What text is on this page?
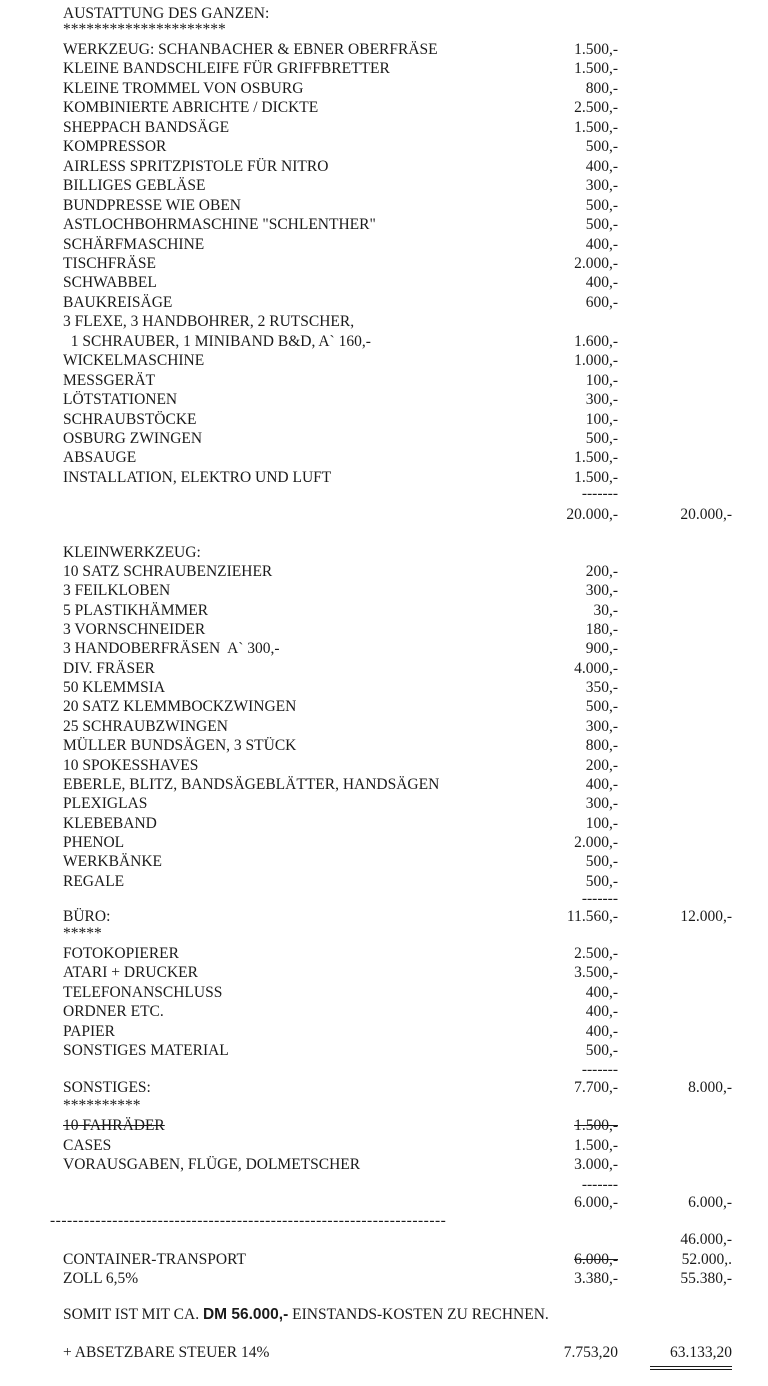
AUSTATTUNG DES GANZEN:
*********************
WERKZEUG: SCHANBACHER & EBNER OBERFRÄSE	1.500,-
KLEINE BANDSCHLEIFE FÜR GRIFFBRETTER	1.500,-
KLEINE TROMMEL VON OSBURG	800,-
KOMBINIERTE ABRICHTE / DICKTE	2.500,-
SHEPPACH BANDSÄGE	1.500,-
KOMPRESSOR	500,-
AIRLESS SPRITZPISTOLE FÜR NITRO	400,-
BILLIGES GEBLÄSE	300,-
BUNDPRESSE WIE OBEN	500,-
ASTLOCHBOHRMASCHINE "SCHLENTHER"	500,-
SCHÄRFMASCHINE	400,-
TISCHFRÄSE	2.000,-
SCHWABBEL	400,-
BAUKREISÄGE	600,-
3 FLEXE, 3 HANDBOHRER, 2 RUTSCHER,
1 SCHRAUBER, 1 MINIBAND B&D, A` 160,-	1.600,-
WICKELMASCHINE	1.000,-
MESSGERÄT	100,-
LÖTSTATIONEN	300,-
SCHRAUBSTÖCKE	100,-
OSBURG ZWINGEN	500,-
ABSAUGE	1.500,-
INSTALLATION, ELEKTRO UND LUFT	1.500,-
-------
20.000,-	20.000,-
KLEINWERKZEUG:
10 SATZ SCHRAUBENZIEHER	200,-
3 FEILKLOBEN	300,-
5 PLASTIKHÄMMER	30,-
3 VORNSCHNEIDER	180,-
3 HANDOBERFRÄSEN  A` 300,-	900,-
DIV. FRÄSER	4.000,-
50 KLEMMSIA	350,-
20 SATZ KLEMMBOCKZWINGEN	500,-
25 SCHRAUBZWINGEN	300,-
MÜLLER BUNDSÄGEN, 3 STÜCK	800,-
10 SPOKESSHAVES	200,-
EBERLE, BLITZ, BANDSÄGEBLÄTTER, HANDSÄGEN	400,-
PLEXIGLAS	300,-
KLEBEBAND	100,-
PHENOL	2.000,-
WERKBÄNKE	500,-
REGALE	500,-
-------
BÜRO:	11.560,-	12.000,-
*****
FOTOKOPIERER	2.500,-
ATARI + DRUCKER	3.500,-
TELEFONANSCHLUSS	400,-
ORDNER ETC.	400,-
PAPIER	400,-
SONSTIGES MATERIAL	500,-
-------
SONSTIGES:	7.700,-	8.000,-
**********
10 FAHRÄDER	1.500,-
CASES	1.500,-
VORAUSGABEN, FLÜGE, DOLMETSCHER	3.000,-
-------
6.000,-	6.000,-
----------------------------------------------------------------------
46.000,-
CONTAINER-TRANSPORT	6.000,-	52.000,.
ZOLL 6,5%	3.380,-	55.380,-
SOMIT IST MIT CA. DM 56.000,- EINSTANDS-KOSTEN ZU RECHNEN.
+ ABSETZBARE STEUER 14%	7.753,20	63.133,20
